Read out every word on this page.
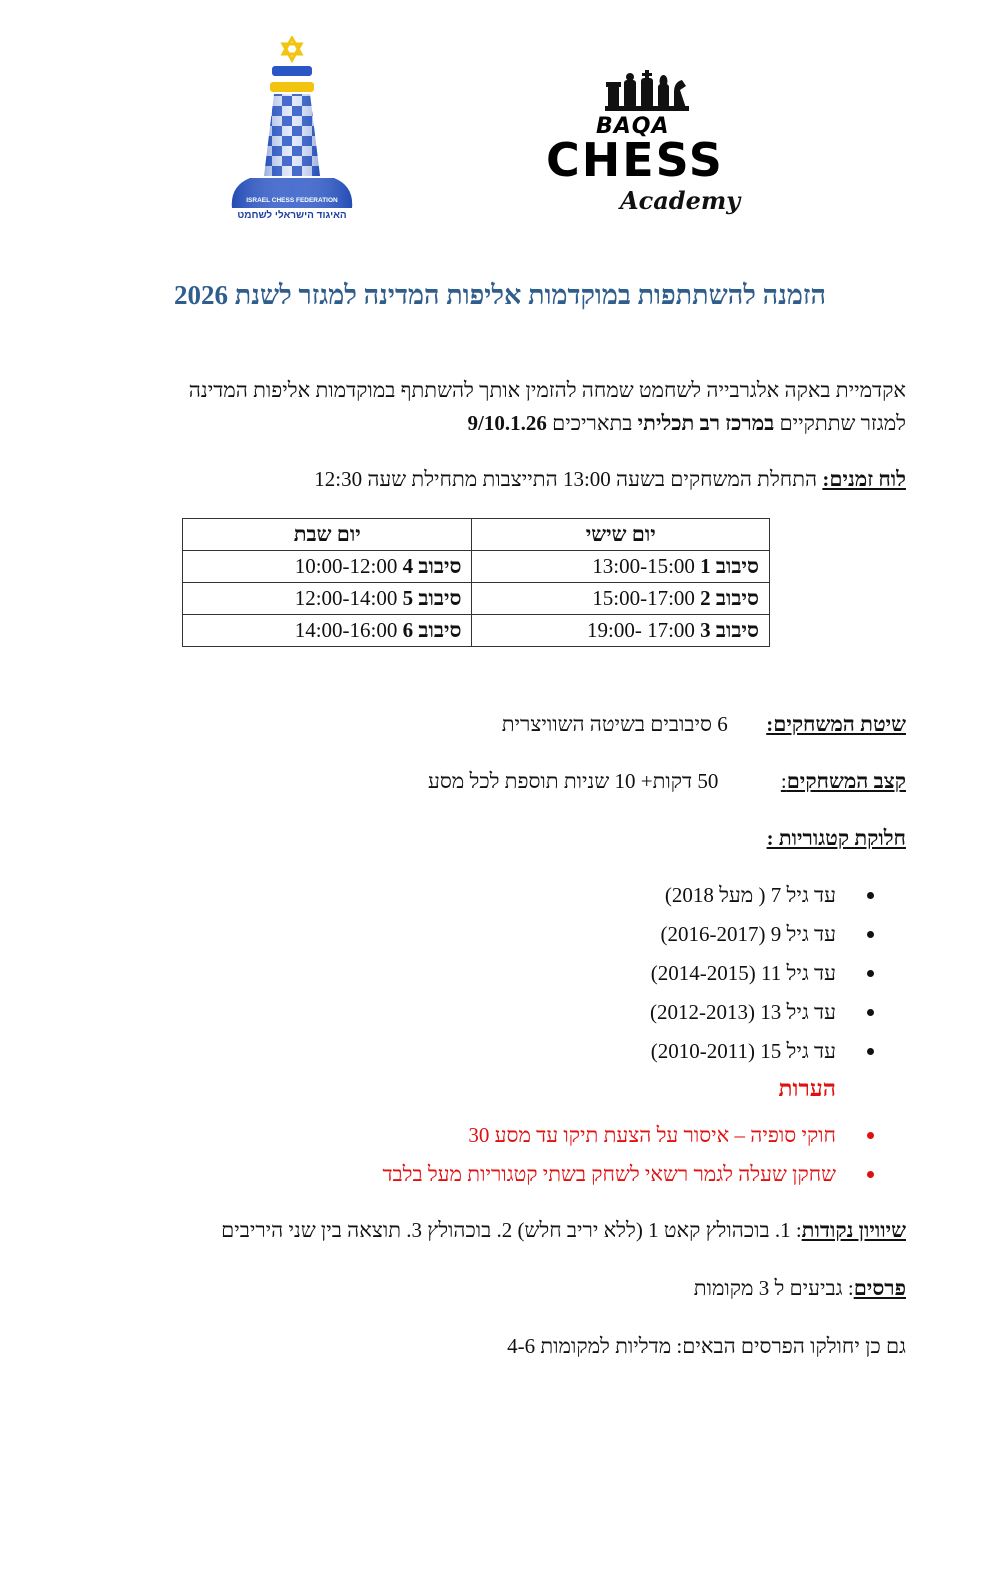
ISRAEL CHESS FEDERATION
האיגוד הישראלי לשחמט
BAQA
CHESS
Academy
הזמנה להשתתפות במוקדמות אליפות המדינה למגזר לשנת 2026
אקדמיית באקה אלגרבייה לשחמט שמחה להזמין אותך להשתתף במוקדמות אליפות המדינה
למגזר שתתקיים במרכז רב תכליתי בתאריכים 9/10.1.26
לוח זמנים: התחלת המשחקים בשעה 13:00 התייצבות מתחילת שעה 12:30
יום שישי	יום שבת
סיבוב 1 13:00-15:00	סיבוב 4 10:00-12:00
סיבוב 2 15:00-17:00	סיבוב 5 12:00-14:00
סיבוב 3 17:00 -19:00	סיבוב 6 14:00-16:00
שיטת המשחקים:  6 סיבובים בשיטה השוויצרית
קצב המשחקים:  50 דקות+ 10 שניות תוספת לכל מסע
חלוקת קטגוריות :
עד גיל 7 ( מעל 2018)
עד גיל 9 (2016-2017)
עד גיל 11 (2014-2015)
עד גיל 13 (2012-2013)
עד גיל 15 (2010-2011)
הערות
חוקי סופיה – איסור על הצעת תיקו עד מסע 30
שחקן שעלה לגמר רשאי לשחק בשתי קטגוריות מעל בלבד
שיוויון נקודות: 1. בוכהולץ קאט 1 (ללא יריב חלש) 2. בוכהולץ 3. תוצאה בין שני היריבים
פרסים: גביעים ל 3 מקומות
גם כן יחולקו הפרסים הבאים: מדליות למקומות 4-6
